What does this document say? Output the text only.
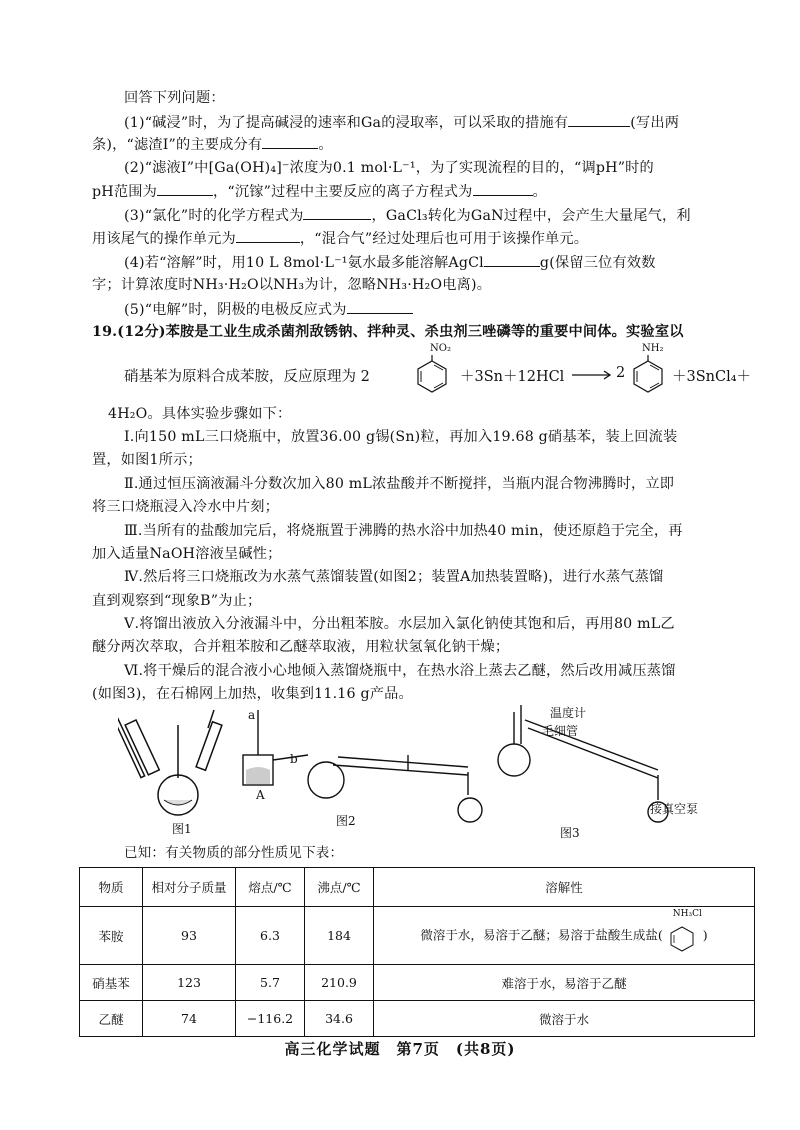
回答下列问题：
(1)“碱浸”时，为了提高碱浸的速率和Ga的浸取率，可以采取的措施有	(写出两
条)，“滤渣Ⅰ”的主要成分有	。
(2)“滤液Ⅰ”中[Ga(OH)₄]⁻浓度为0.1 mol·L⁻¹，为了实现流程的目的，“调pH”时的
pH范围为	，“沉镓”过程中主要反应的离子方程式为	。
(3)“氯化”时的化学方程式为	，GaCl₃转化为GaN过程中，会产生大量尾气，利
用该尾气的操作单元为	，“混合气”经过处理后也可用于该操作单元。
(4)若“溶解”时，用10 L 8mol·L⁻¹氨水最多能溶解AgCl	g(保留三位有效数
字；计算浓度时NH₃·H₂O以NH₃为计，忽略NH₃·H₂O电离)。
(5)“电解”时，阴极的电极反应式为
19.(12分)苯胺是工业生成杀菌剂敌锈钠、拌种灵、杀虫剂三唑磷等的重要中间体。实验室以
硝基苯为原料合成苯胺，反应原理为 2
NO₂
＋3Sn＋12HCl → 2
NH₂
＋3SnCl₄＋
4H₂O。具体实验步骤如下：
Ⅰ.向150 mL三口烧瓶中，放置36.00 g锡(Sn)粒，再加入19.68 g硝基苯，装上回流装
置，如图1所示；
Ⅱ.通过恒压滴液漏斗分数次加入80 mL浓盐酸并不断搅拌，当瓶内混合物沸腾时，立即
将三口烧瓶浸入冷水中片刻；
Ⅲ.当所有的盐酸加完后，将烧瓶置于沸腾的热水浴中加热40 min，使还原趋于完全，再
加入适量NaOH溶液呈碱性；
Ⅳ.然后将三口烧瓶改为水蒸气蒸馏装置(如图2；装置A加热装置略)，进行水蒸气蒸馏
直到观察到“现象B”为止；
Ⅴ.将馏出液放入分液漏斗中，分出粗苯胺。水层加入氯化钠使其饱和后，再用80 mL乙
醚分两次萃取，合并粗苯胺和乙醚萃取液，用粒状氢氧化钠干燥；
Ⅵ.将干燥后的混合液小心地倾入蒸馏烧瓶中，在热水浴上蒸去乙醚，然后改用减压蒸馏
(如图3)，在石棉网上加热，收集到11.16 g产品。
图1
a
b
A
图2
温度计
毛细管
接真空泵
图3
已知：有关物质的部分性质见下表：
物质	相对分子质量	熔点/℃	沸点/℃	溶解性
苯胺	93	6.3	184	微溶于水，易溶于乙醚；易溶于盐酸生成盐(
NH₃Cl
)
硝基苯	123	5.7	210.9	难溶于水，易溶于乙醚
乙醚	74	−116.2	34.6	微溶于水
高三化学试题　第7页　(共8页)
